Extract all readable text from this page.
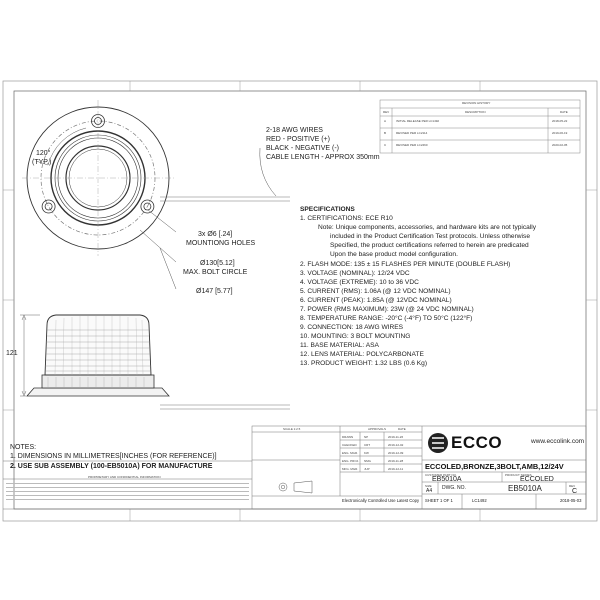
REVISION HISTORY
REV	DESCRIPTION	DATE
A	INITIAL RELEASE PER LC1492	2018-05-22
B	REVISED PER LC2114	2019-06-19
C	REVISED PER LC2460	2020-02-05
120°
(TYP.)
3x Ø6 [.24]
MOUNTIONG HOLES
Ø130[5.12]
MAX. BOLT CIRCLE
Ø147 [5.77]
121
2-18 AWG WIRES
RED - POSITIVE (+)
BLACK - NEGATIVE (-)
CABLE LENGTH - APPROX 350mm
SPECIFICATIONS
1. CERTIFICATIONS: ECE R10
Note: Unique components, accessories, and hardware kits are not typically
included in the Product Certification Test protocols. Unless otherwise
Specified, the product certifications referred to herein are predicated
Upon the base product model configuration.
2. FLASH MODE: 135 ± 15 FLASHES PER MINUTE (DOUBLE FLASH)
3. VOLTAGE (NOMINAL): 12/24 VDC
4. VOLTAGE (EXTREME): 10 to 36 VDC
5. CURRENT (RMS): 1.06A (@ 12 VDC NOMINAL)
6. CURRENT (PEAK): 1.85A (@ 12VDC NOMINAL)
7. POWER (RMS MAXIMUM): 23W (@ 24 VDC NOMINAL)
8. TEMPERATURE RANGE: -20°C (-4°F) TO 50°C (122°F)
9. CONNECTION: 18 AWG WIRES
10. MOUNTING: 3 BOLT MOUNTING
11. BASE MATERIAL: ASA
12. LENS MATERIAL: POLYCARBONATE
13. PRODUCT WEIGHT: 1.32 LBS (0.6 Kg)
NOTES:
1. DIMENSIONS IN MILLIMETRES[INCHES (FOR REFERENCE)]
2. USE SUB ASSEMBLY (100-EB5010A) FOR MANUFACTURE
PROPRIETARY AND CONFIDENTIAL INFORMATION
SCALE 1:2.5	APPROVALS	DATE
DRAWN	NP	2019-11-26
CHECKED CRT	2019-12-02
ENG. MGR. KW	2019-12-09
ENG. PROJ. NMG	2019-11-28
MFG. MGR. JUP	2019-12-11
ECCO	www.eccolink.com
ECCOLED,BRONZE,3BOLT,AMB,12/24V
CUSTOMER PART NO.
EB5010A
PRODUCT SERIES
ECCOLED
SIZE
A4 DWG. NO.	EB5010A	REV
C
Electronically Controlled Use Latest Copy SHEET 1 OF 1	LC1492	2018-05-03
